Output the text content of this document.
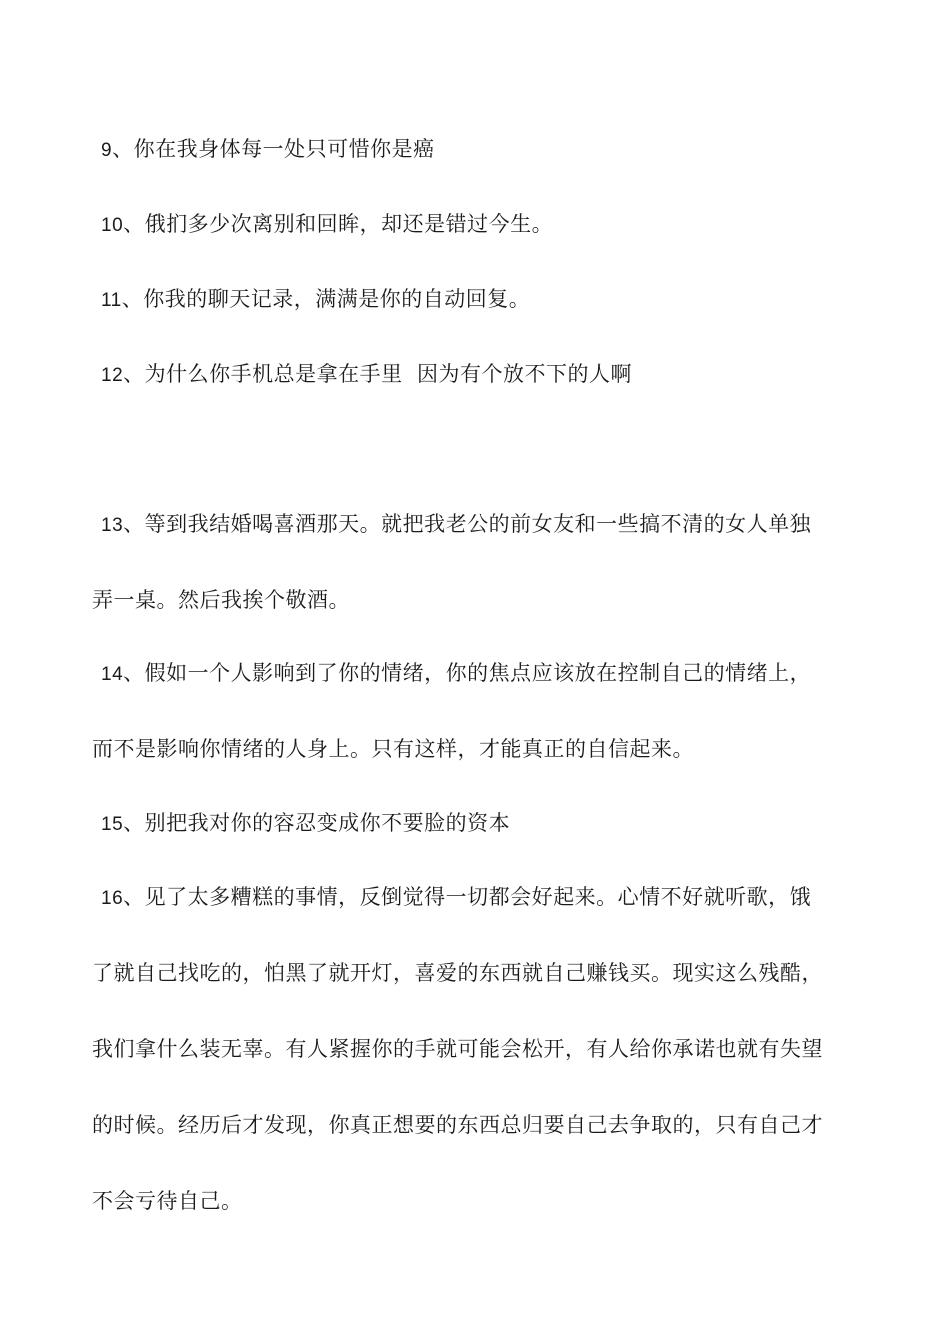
9、你在我身体每一处只可惜你是癌
10、俄扪多少次离别和回眸，却还是错过今生。
11、你我的聊天记录，满满是你的自动回复。
12、为什么你手机总是拿在手里  因为有个放不下的人啊
13、等到我结婚喝喜酒那天。就把我老公的前女友和一些搞不清的女人单独
弄一桌。然后我挨个敬酒。
14、假如一个人影响到了你的情绪，你的焦点应该放在控制自己的情绪上，
而不是影响你情绪的人身上。只有这样，才能真正的自信起来。
15、别把我对你的容忍变成你不要脸的资本
16、见了太多糟糕的事情，反倒觉得一切都会好起来。心情不好就听歌，饿
了就自己找吃的，怕黑了就开灯，喜爱的东西就自己赚钱买。现实这么残酷，
我们拿什么装无辜。有人紧握你的手就可能会松开，有人给你承诺也就有失望
的时候。经历后才发现，你真正想要的东西总归要自己去争取的，只有自己才
不会亏待自己。
